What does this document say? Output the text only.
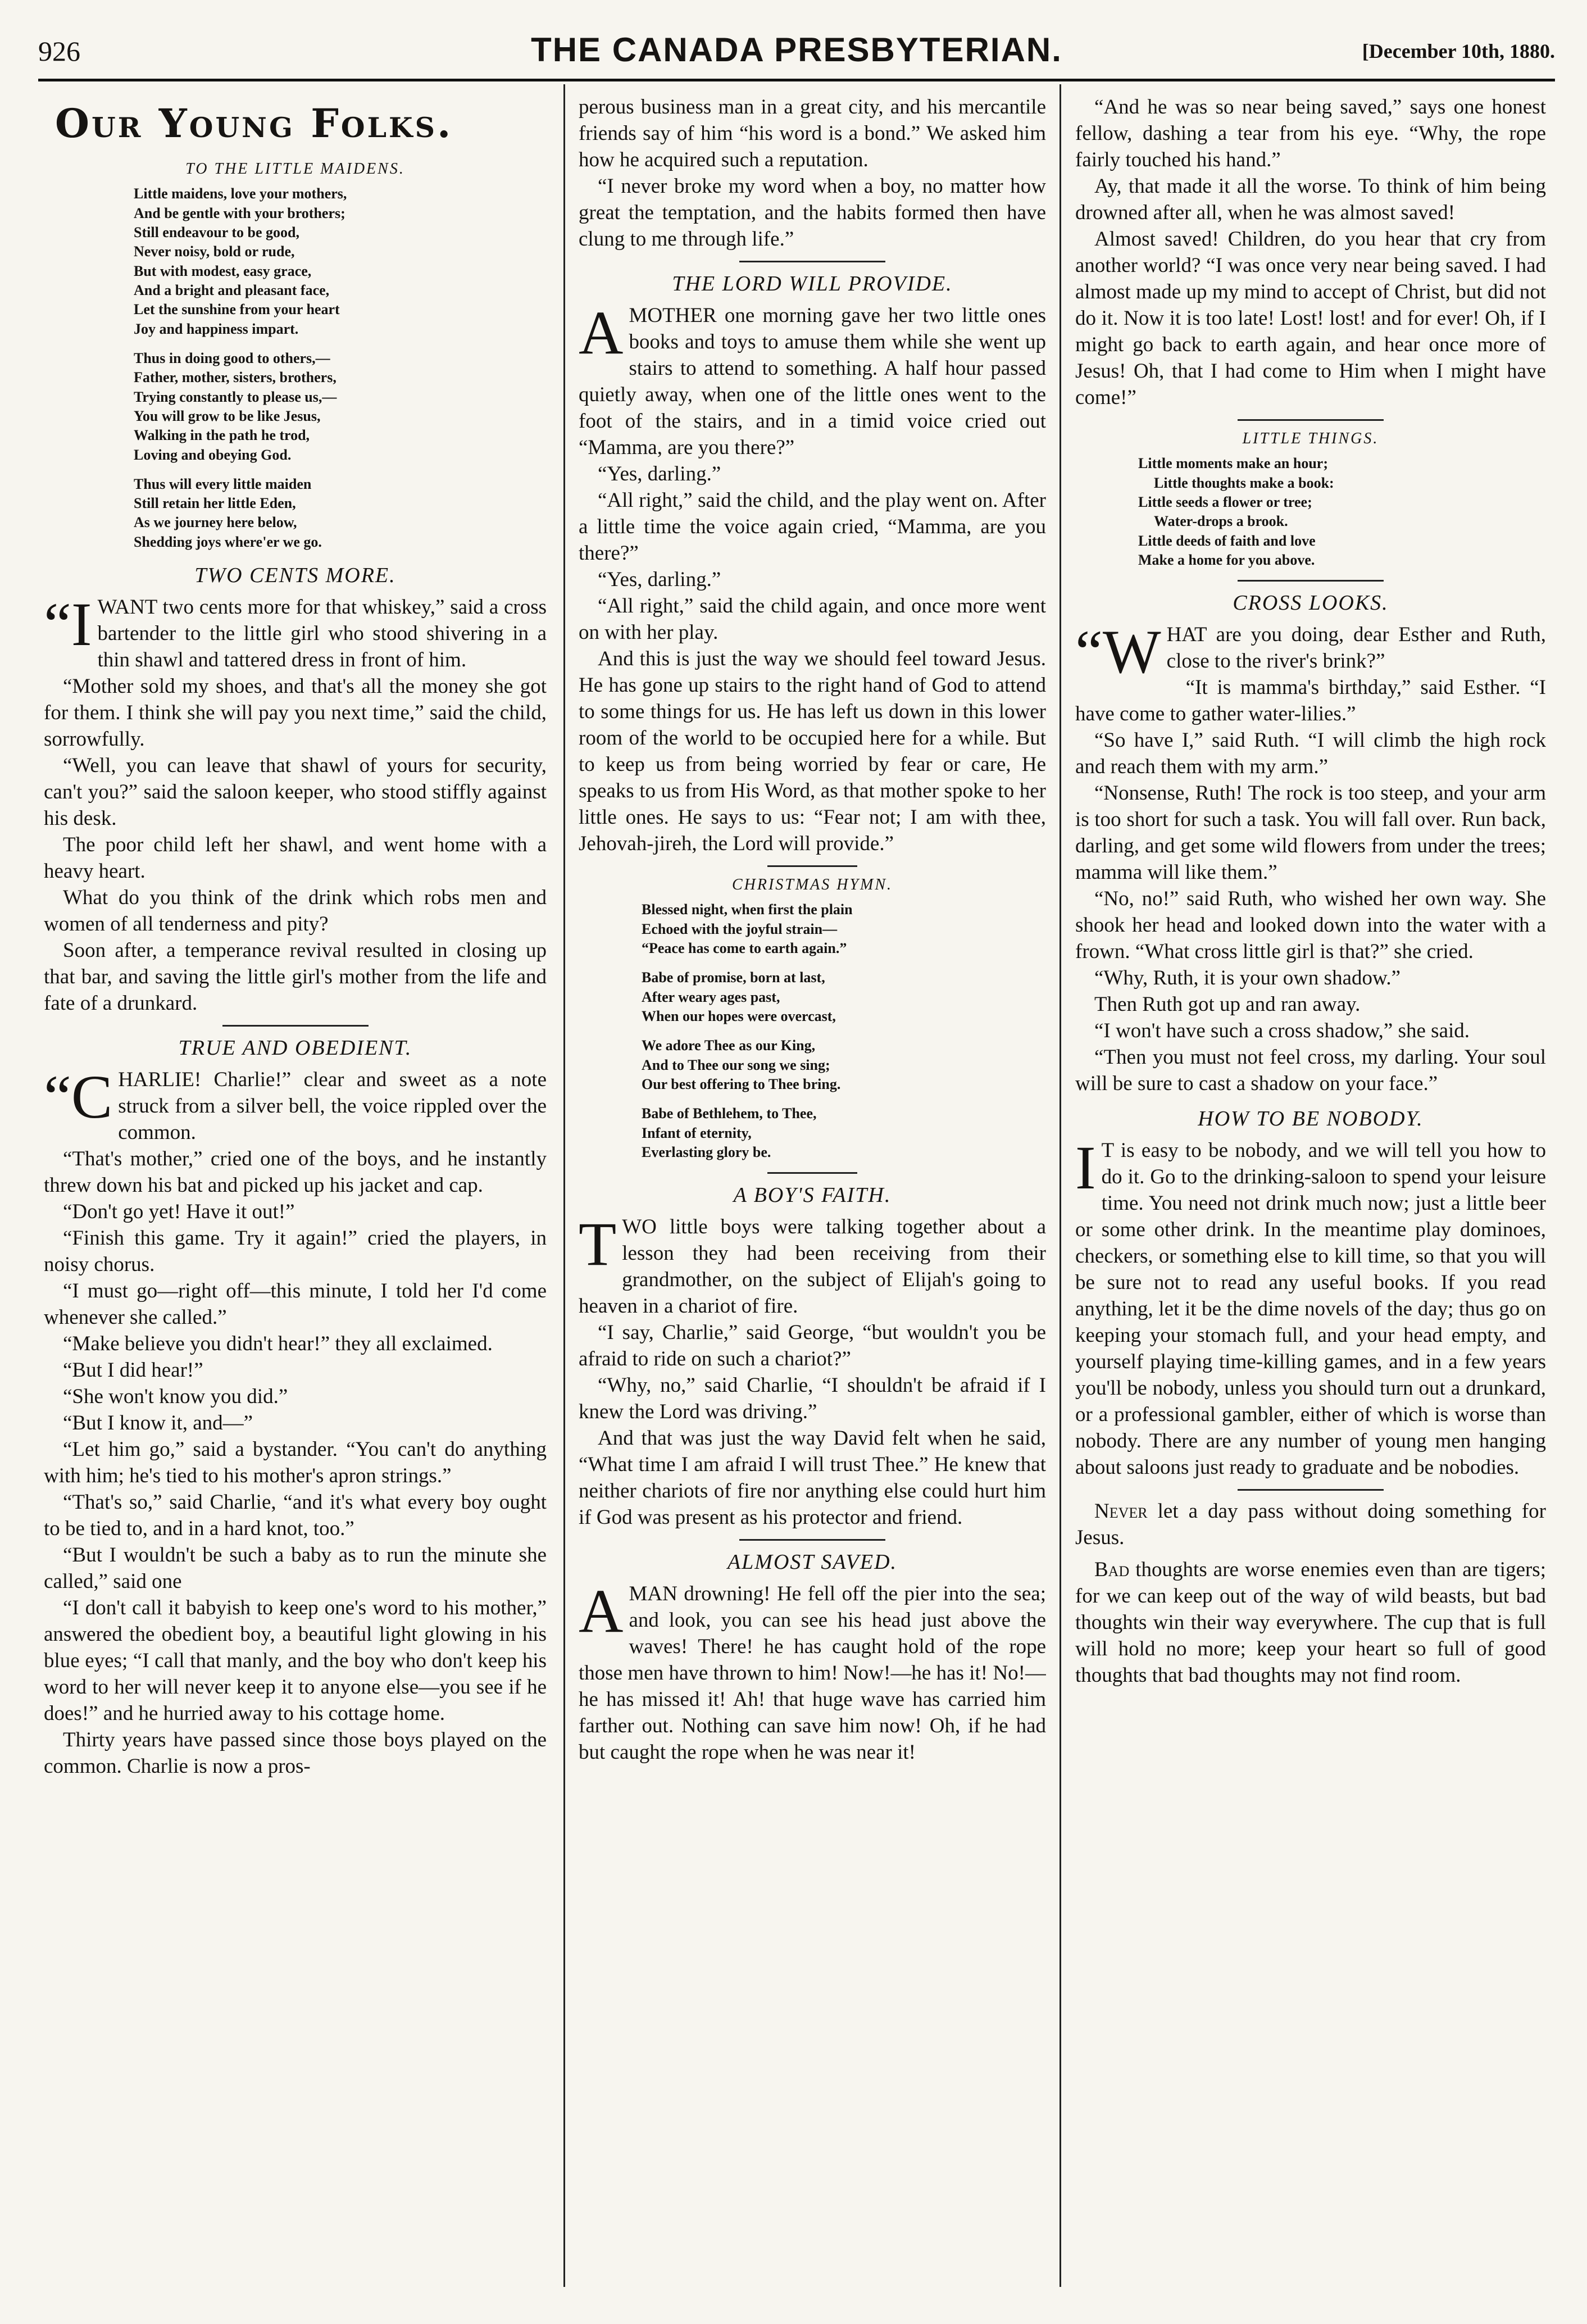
926	THE CANADA PRESBYTERIAN.	[December 10th, 1880.
Our Young Folks.
TO THE LITTLE MAIDENS.
Little maidens, love your mothers,
And be gentle with your brothers;
Still endeavour to be good,
Never noisy, bold or rude,
But with modest, easy grace,
And a bright and pleasant face,
Let the sunshine from your heart
Joy and happiness impart.
Thus in doing good to others,—
Father, mother, sisters, brothers,
Trying constantly to please us,—
You will grow to be like Jesus,
Walking in the path he trod,
Loving and obeying God.
Thus will every little maiden
Still retain her little Eden,
As we journey here below,
Shedding joys where'er we go.
TWO CENTS MORE.

“IWANT two cents more for that whiskey,” said a cross bartender to the little girl who stood shivering in a thin shawl and tattered dress in front of him.

“Mother sold my shoes, and that's all the money she got for them. I think she will pay you next time,” said the child, sorrowfully.

“Well, you can leave that shawl of yours for security, can't you?” said the saloon keeper, who stood stiffly against his desk.

The poor child left her shawl, and went home with a heavy heart.

What do you think of the drink which robs men and women of all tenderness and pity?

Soon after, a temperance revival resulted in closing up that bar, and saving the little girl's mother from the life and fate of a drunkard.

TRUE AND OBEDIENT.

“CHARLIE! Charlie!” clear and sweet as a note struck from a silver bell, the voice rippled over the common.

“That's mother,” cried one of the boys, and he instantly threw down his bat and picked up his jacket and cap.

“Don't go yet! Have it out!”

“Finish this game. Try it again!” cried the players, in noisy chorus.

“I must go—right off—this minute, I told her I'd come whenever she called.”

“Make believe you didn't hear!” they all exclaimed.

“But I did hear!”

“She won't know you did.”

“But I know it, and—”

“Let him go,” said a bystander. “You can't do anything with him; he's tied to his mother's apron strings.”

“That's so,” said Charlie, “and it's what every boy ought to be tied to, and in a hard knot, too.”

“But I wouldn't be such a baby as to run the minute she called,” said one

“I don't call it babyish to keep one's word to his mother,” answered the obedient boy, a beautiful light glowing in his blue eyes; “I call that manly, and the boy who don't keep his word to her will never keep it to anyone else—you see if he does!” and he hurried away to his cottage home.

Thirty years have passed since those boys played on the common. Charlie is now a pros-

perous business man in a great city, and his mercantile friends say of him “his word is a bond.” We asked him how he acquired such a reputation.

“I never broke my word when a boy, no matter how great the temptation, and the habits formed then have clung to me through life.”

THE LORD WILL PROVIDE.

AMOTHER one morning gave her two little ones books and toys to amuse them while she went up stairs to attend to something. A half hour passed quietly away, when one of the little ones went to the foot of the stairs, and in a timid voice cried out “Mamma, are you there?”

“Yes, darling.”

“All right,” said the child, and the play went on. After a little time the voice again cried, “Mamma, are you there?”

“Yes, darling.”

“All right,” said the child again, and once more went on with her play.

And this is just the way we should feel toward Jesus. He has gone up stairs to the right hand of God to attend to some things for us. He has left us down in this lower room of the world to be occupied here for a while. But to keep us from being worried by fear or care, He speaks to us from His Word, as that mother spoke to her little ones. He says to us: “Fear not; I am with thee, Jehovah-jireh, the Lord will provide.”

CHRISTMAS HYMN.
Blessed night, when first the plain
Echoed with the joyful strain—
“Peace has come to earth again.”
Babe of promise, born at last,
After weary ages past,
When our hopes were overcast,
We adore Thee as our King,
And to Thee our song we sing;
Our best offering to Thee bring.
Babe of Bethlehem, to Thee,
Infant of eternity,
Everlasting glory be.
A BOY'S FAITH.

TWO little boys were talking together about a lesson they had been receiving from their grandmother, on the subject of Elijah's going to heaven in a chariot of fire.

“I say, Charlie,” said George, “but wouldn't you be afraid to ride on such a chariot?”

“Why, no,” said Charlie, “I shouldn't be afraid if I knew the Lord was driving.”

And that was just the way David felt when he said, “What time I am afraid I will trust Thee.” He knew that neither chariots of fire nor anything else could hurt him if God was present as his protector and friend.

ALMOST SAVED.

AMAN drowning! He fell off the pier into the sea; and look, you can see his head just above the waves! There! he has caught hold of the rope those men have thrown to him! Now!—he has it! No!—he has missed it! Ah! that huge wave has carried him farther out. Nothing can save him now! Oh, if he had but caught the rope when he was near it!

“And he was so near being saved,” says one honest fellow, dashing a tear from his eye. “Why, the rope fairly touched his hand.”

Ay, that made it all the worse. To think of him being drowned after all, when he was almost saved!

Almost saved! Children, do you hear that cry from another world? “I was once very near being saved. I had almost made up my mind to accept of Christ, but did not do it. Now it is too late! Lost! lost! and for ever! Oh, if I might go back to earth again, and hear once more of Jesus! Oh, that I had come to Him when I might have come!”

LITTLE THINGS.
Little moments make an hour;
Little thoughts make a book:
Little seeds a flower or tree;
Water-drops a brook.
Little deeds of faith and love
Make a home for you above.
CROSS LOOKS.

“WHAT are you doing, dear Esther and Ruth, close to the river's brink?”

“It is mamma's birthday,” said Esther. “I have come to gather water-lilies.”

“So have I,” said Ruth. “I will climb the high rock and reach them with my arm.”

“Nonsense, Ruth! The rock is too steep, and your arm is too short for such a task. You will fall over. Run back, darling, and get some wild flowers from under the trees; mamma will like them.”

“No, no!” said Ruth, who wished her own way. She shook her head and looked down into the water with a frown. “What cross little girl is that?” she cried.

“Why, Ruth, it is your own shadow.”

Then Ruth got up and ran away.

“I won't have such a cross shadow,” she said.

“Then you must not feel cross, my darling. Your soul will be sure to cast a shadow on your face.”

HOW TO BE NOBODY.

I T is easy to be nobody, and we will tell you how to do it. Go to the drinking-saloon to spend your leisure time. You need not drink much now; just a little beer or some other drink. In the meantime play dominoes, checkers, or something else to kill time, so that you will be sure not to read any useful books. If you read anything, let it be the dime novels of the day; thus go on keeping your stomach full, and your head empty, and yourself playing time-killing games, and in a few years you'll be nobody, unless you should turn out a drunkard, or a professional gambler, either of which is worse than nobody. There are any number of young men hanging about saloons just ready to graduate and be nobodies.

Never let a day pass without doing something for Jesus.

Bad thoughts are worse enemies even than are tigers; for we can keep out of the way of wild beasts, but bad thoughts win their way everywhere. The cup that is full will hold no more; keep your heart so full of good thoughts that bad thoughts may not find room.
